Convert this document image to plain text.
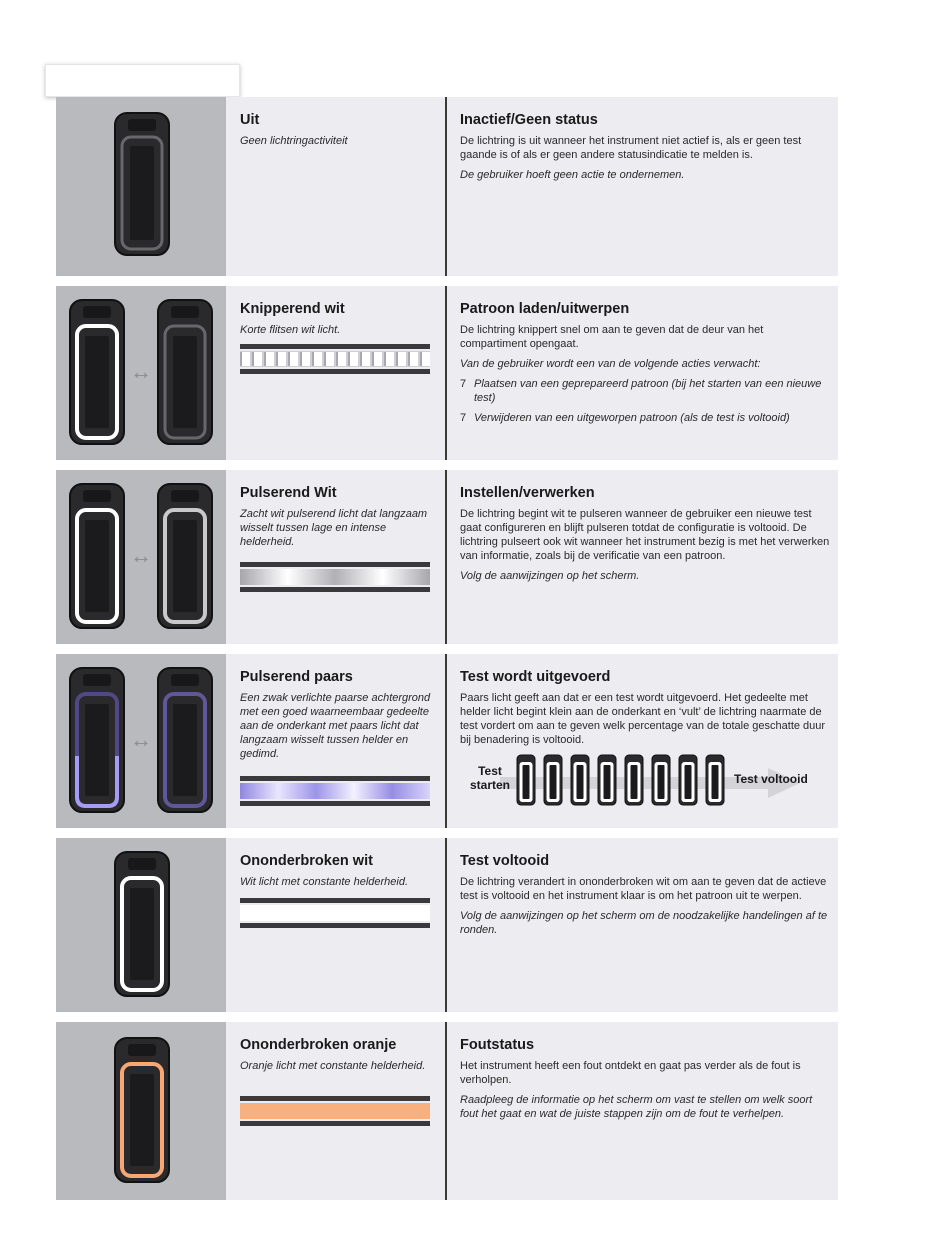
Uit

Geen lichtringactiviteit

Inactief/Geen status

De lichtring is uit wanneer het instrument niet actief is, als er geen test gaande is of als er geen andere statusindicatie te melden is.

De gebruiker hoeft geen actie te ondernemen.

↔

Knipperend wit

Korte flitsen wit licht.

Patroon laden/uitwerpen

De lichtring knippert snel om aan te geven dat de deur van het compartiment opengaat.

Van de gebruiker wordt een van de volgende acties verwacht:

7 Plaatsen van een geprepareerd patroon (bij het starten van een nieuwe test)

7 Verwijderen van een uitgeworpen patroon (als de test is voltooid)

↔

Pulserend Wit

Zacht wit pulserend licht dat langzaam wisselt tussen lage en intense helderheid.

Instellen/verwerken

De lichtring begint wit te pulseren wanneer de gebruiker een nieuwe test gaat configureren en blijft pulseren totdat de configuratie is voltooid. De lichtring pulseert ook wit wanneer het instrument bezig is met het verwerken van informatie, zoals bij de verificatie van een patroon.

Volg de aanwijzingen op het scherm.

↔

Pulserend paars

Een zwak verlichte paarse achtergrond met een goed waarneembaar gedeelte aan de onderkant met paars licht dat langzaam wisselt tussen helder en gedimd.

Test wordt uitgevoerd

Paars licht geeft aan dat er een test wordt uitgevoerd. Het gedeelte met helder licht begint klein aan de onderkant en ‘vult’ de lichtring naarmate de test vordert om aan te geven welk percentage van de totale geschatte duur bij benadering is voltooid.

Test
starten	Test voltooid

Ononderbroken wit

Wit licht met constante helderheid.

Test voltooid

De lichtring verandert in ononderbroken wit om aan te geven dat de actieve test is voltooid en het instrument klaar is om het patroon uit te werpen.

Volg de aanwijzingen op het scherm om de noodzakelijke handelingen af te ronden.

Ononderbroken oranje

Oranje licht met constante helderheid.

Foutstatus

Het instrument heeft een fout ontdekt en gaat pas verder als de fout is verholpen.

Raadpleeg de informatie op het scherm om vast te stellen om welk soort fout het gaat en wat de juiste stappen zijn om de fout te verhelpen.
